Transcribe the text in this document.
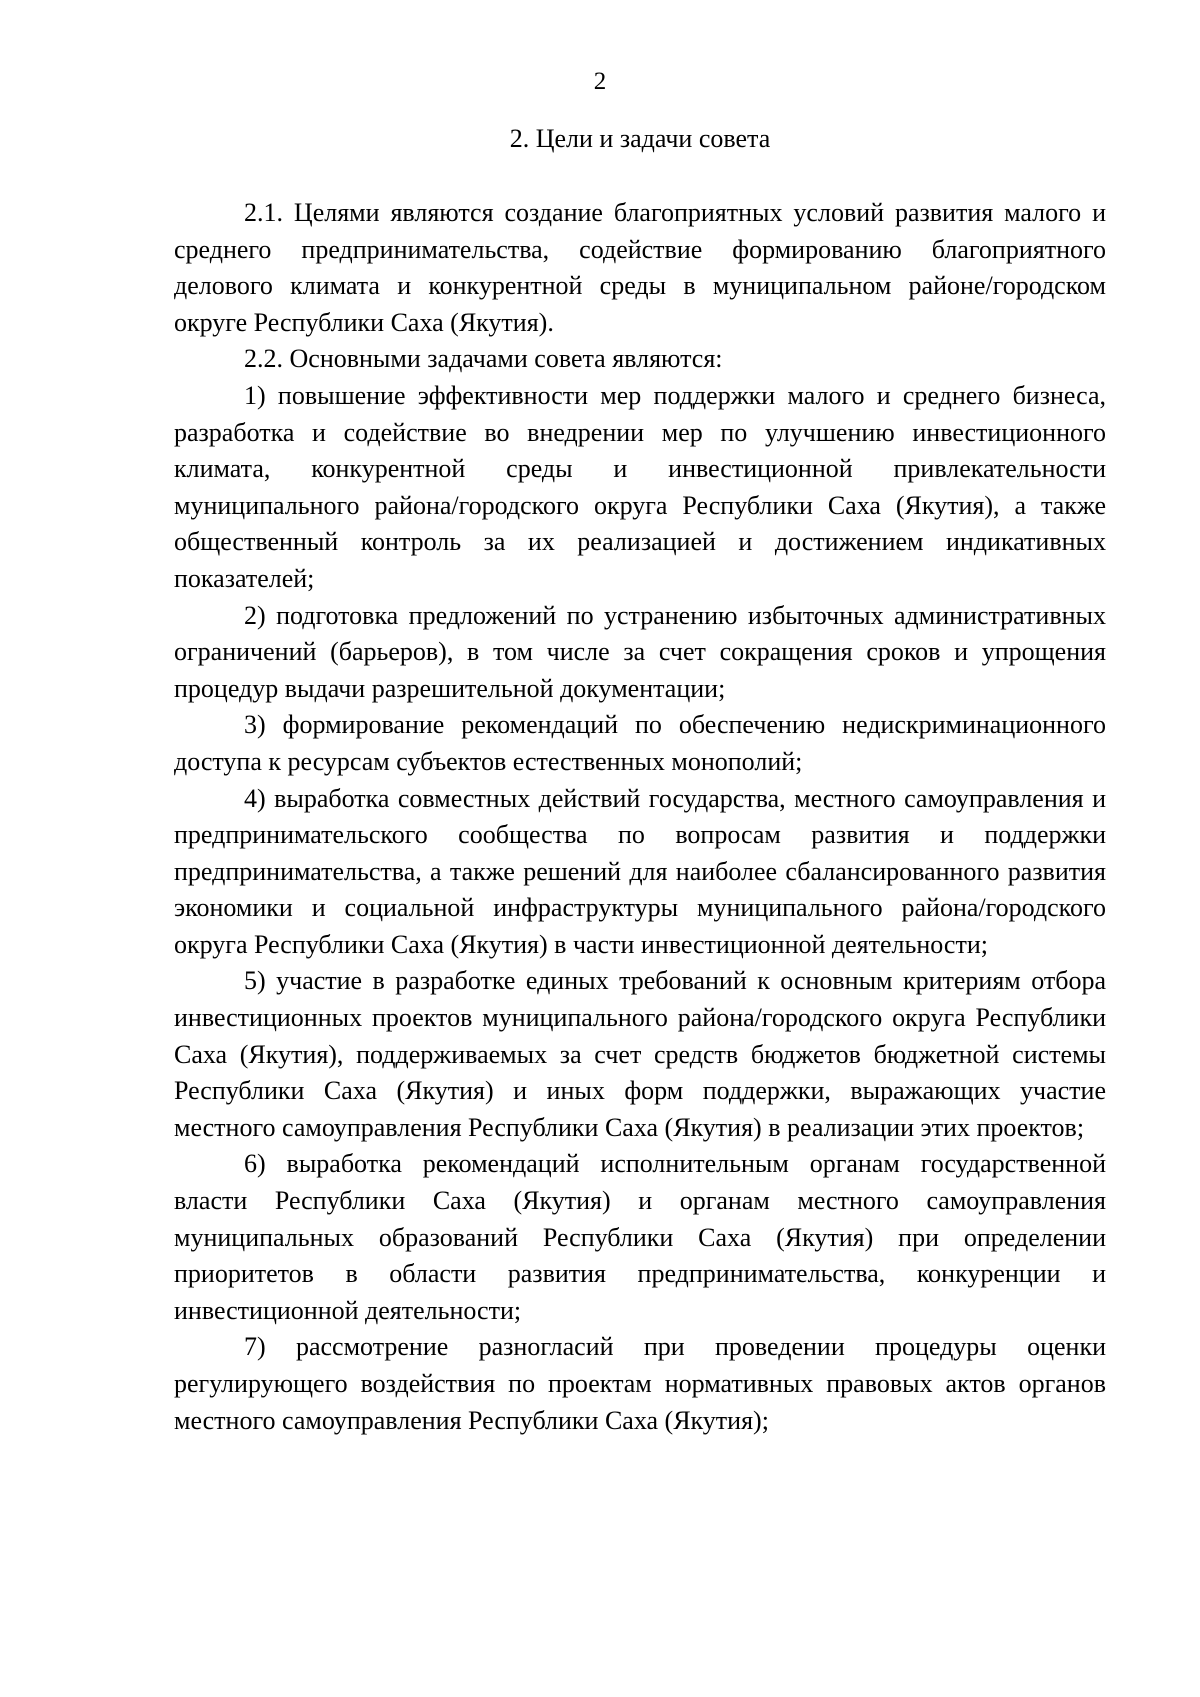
2
2. Цели и задачи совета

2.1. Целями являются создание благоприятных условий развития малого и среднего предпринимательства, содействие формированию благоприятного делового климата и конкурентной среды в муниципальном районе/городском округе Республики Саха (Якутия).

2.2. Основными задачами совета являются:

1) повышение эффективности мер поддержки малого и среднего бизнеса, разработка и содействие во внедрении мер по улучшению инвестиционного климата, конкурентной среды и инвестиционной привлекательности муниципального района/городского округа Республики Саха (Якутия), а также общественный контроль за их реализацией и достижением индикативных показателей;

2) подготовка предложений по устранению избыточных административных ограничений (барьеров), в том числе за счет сокращения сроков и упрощения процедур выдачи разрешительной документации;

3) формирование рекомендаций по обеспечению недискриминационного доступа к ресурсам субъектов естественных монополий;

4) выработка совместных действий государства, местного самоуправления и предпринимательского сообщества по вопросам развития и поддержки предпринимательства, а также решений для наиболее сбалансированного развития экономики и социальной инфраструктуры муниципального района/городского округа Республики Саха (Якутия) в части инвестиционной деятельности;

5) участие в разработке единых требований к основным критериям отбора инвестиционных проектов муниципального района/городского округа Республики Саха (Якутия), поддерживаемых за счет средств бюджетов бюджетной системы Республики Саха (Якутия) и иных форм поддержки, выражающих участие местного самоуправления Республики Саха (Якутия) в реализации этих проектов;

6) выработка рекомендаций исполнительным органам государственной власти Республики Саха (Якутия) и органам местного самоуправления муниципальных образований Республики Саха (Якутия) при определении приоритетов в области развития предпринимательства, конкуренции и инвестиционной деятельности;

7) рассмотрение разногласий при проведении процедуры оценки регулирующего воздействия по проектам нормативных правовых актов органов местного самоуправления Республики Саха (Якутия);
